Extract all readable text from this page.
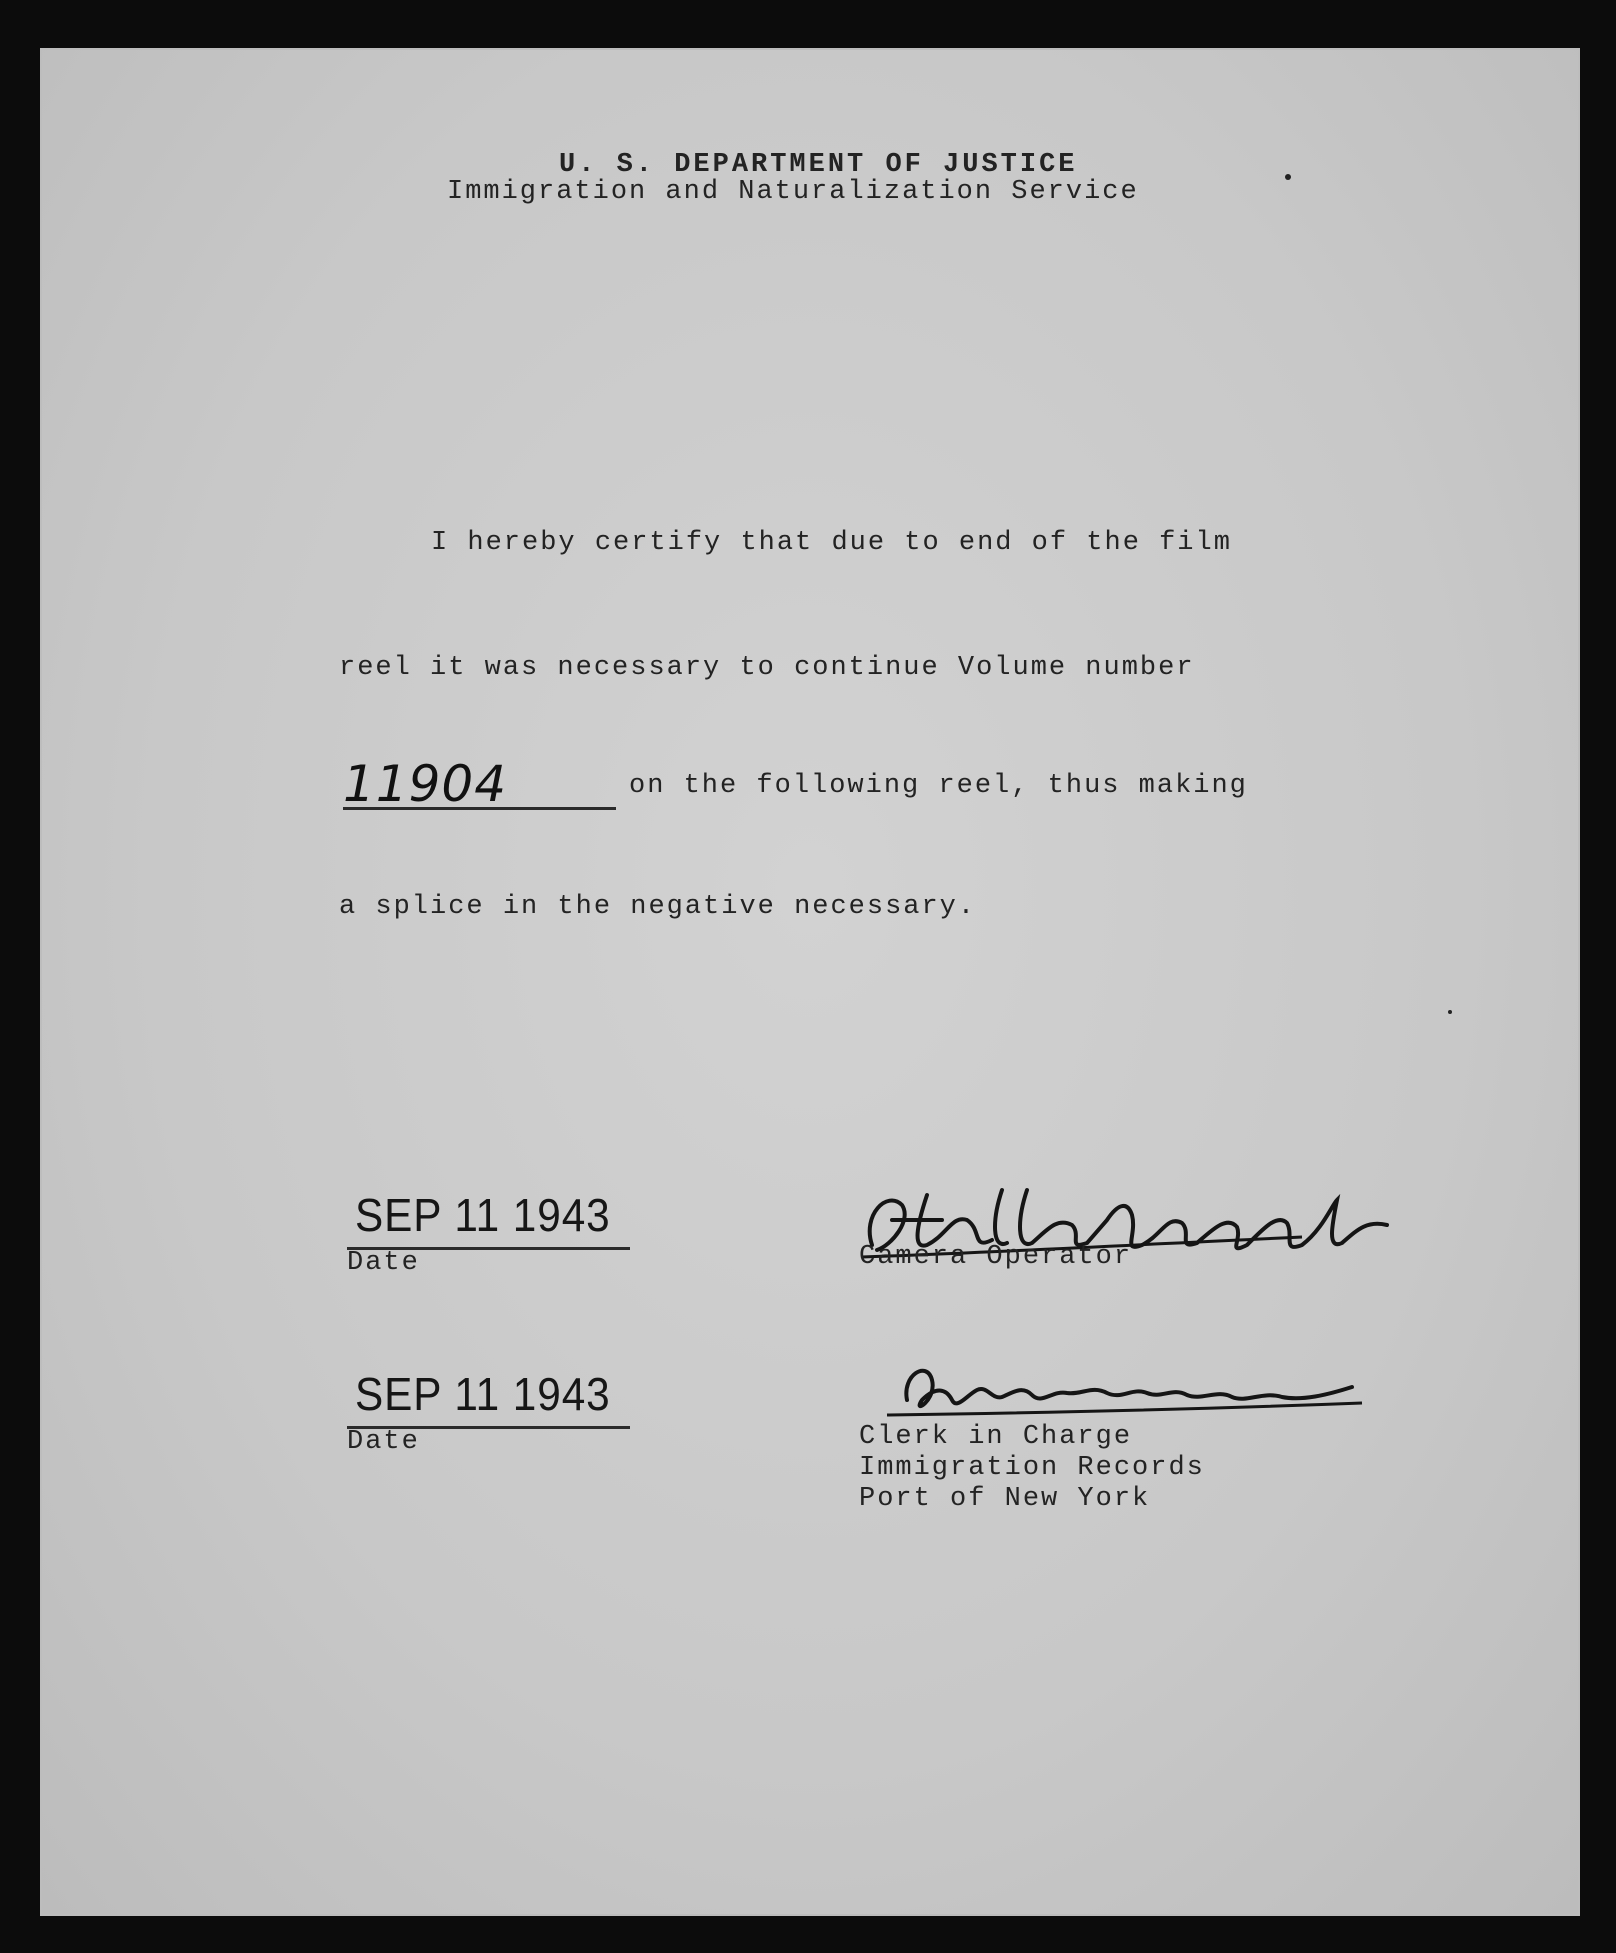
U. S. DEPARTMENT OF JUSTICE
Immigration and Naturalization Service
I hereby certify that due to end of the film
reel it was necessary to continue Volume number
11904	on the following reel, thus making
a splice in the negative necessary.
SEP 11 1943
Date	Camera Operator
SEP 11 1943
Date	Clerk in Charge
Immigration Records
Port of New York
